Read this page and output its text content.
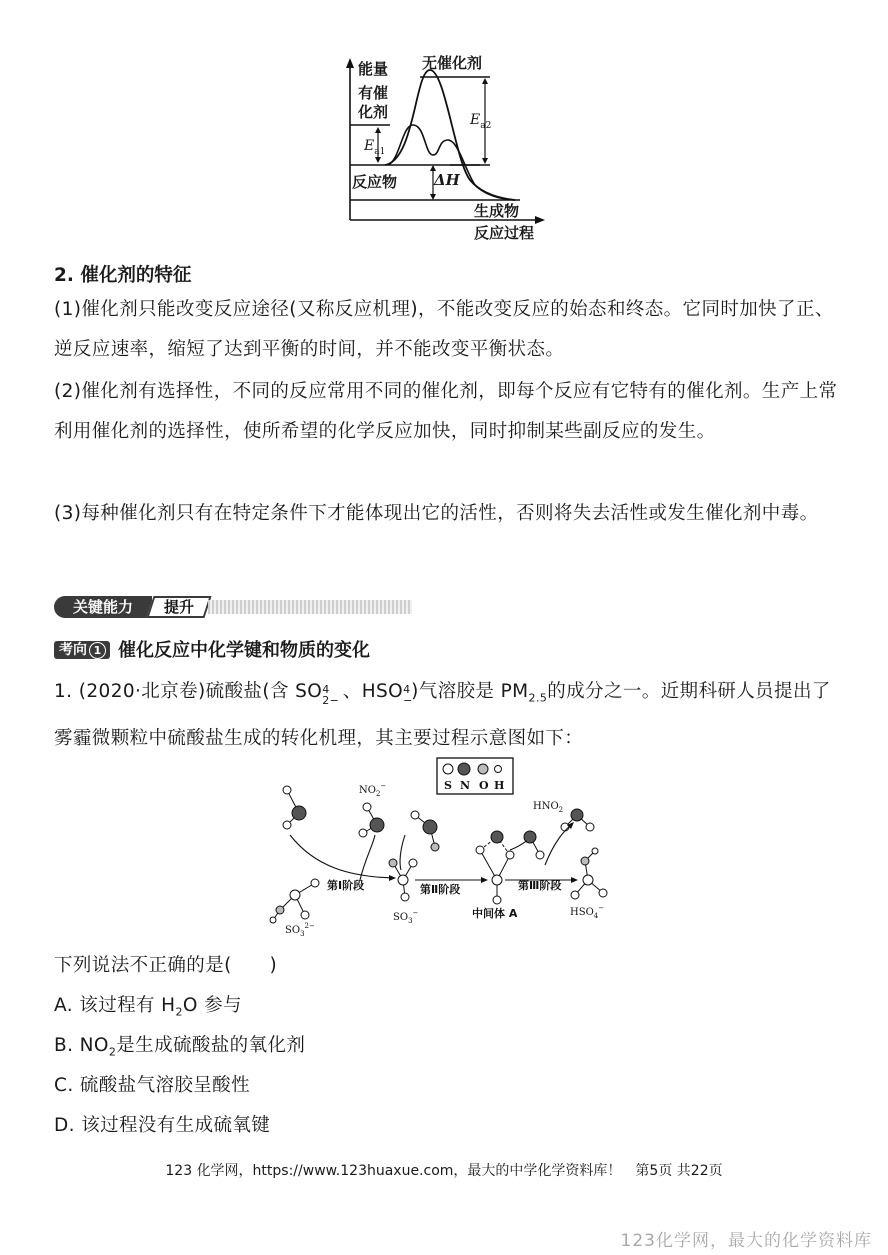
能量 无催化剂
有催
化剂
$E_{a1}$
$E_{a2}$
ΔH
反应物
生成物
反应过程
2. 催化剂的特征

(1)催化剂只能改变反应途径(又称反应机理)，不能改变反应的始态和终态。它同时加快了正、逆反应速率，缩短了达到平衡的时间，并不能改变平衡状态。

(2)催化剂有选择性，不同的反应常用不同的催化剂，即每个反应有它特有的催化剂。生产上常利用催化剂的选择性，使所希望的化学反应加快，同时抑制某些副反应的发生。

(3)每种催化剂只有在特定条件下才能体现出它的活性，否则将失去活性或发生催化剂中毒。

关键能力	提升
考向 1 催化反应中化学键和物质的变化

1. (2020·北京卷)硫酸盐(含 SO 2−
4 、HSO −
4 )气溶胶是 $PM_{2.5}$的成分之一。近期科研人员提出了雾霾微颗粒中硫酸盐生成的转化机理，其主要过程示意图如下：

S N O H
第Ⅰ阶段	第Ⅱ阶段	第Ⅲ阶段
中间体 A
$NO_2^-$
$HNO_2$
$SO_3^{2-}$
$SO_3^-$	$HSO_4^-$

下列说法不正确的是(　　)

A. 该过程有 $H_2O$ 参与

B. $NO_2$是生成硫酸盐的氧化剂

C. 硫酸盐气溶胶呈酸性

D. 该过程没有生成硫氧键

123 化学网，https://www.123huaxue.com，最大的中学化学资料库！　第5页 共22页
123化学网，最大的化学资料库
